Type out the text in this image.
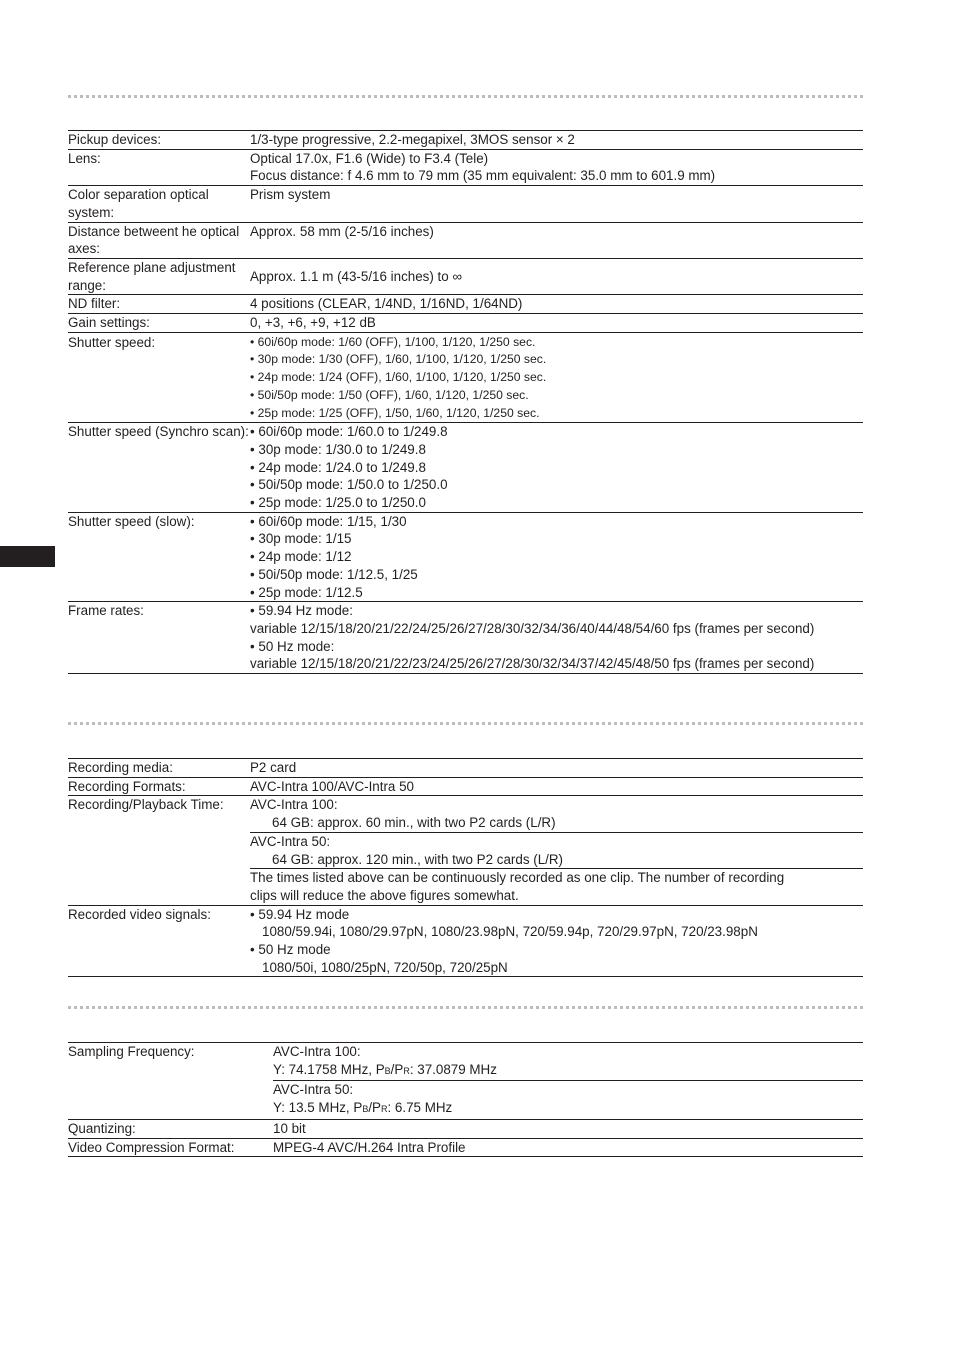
Pickup devices:	1/3-type progressive, 2.2-megapixel, 3MOS sensor × 2

Lens:	Optical 17.0x, F1.6 (Wide) to F3.4 (Tele)
Focus distance: f 4.6 mm to 79 mm (35 mm equivalent: 35.0 mm to 601.9 mm)

Color separation optical system:	Prism system

Distance betweent he optical axes:	Approx. 58 mm (2-5/16 inches)

Reference plane adjustment range:	Approx. 1.1 m (43-5/16 inches) to ∞

ND filter:	4 positions (CLEAR, 1/4ND, 1/16ND, 1/64ND)

Gain settings:	0, +3, +6, +9, +12 dB

Shutter speed:	• 60i/60p mode: 1/60 (OFF), 1/100, 1/120, 1/250 sec.
• 30p mode: 1/30 (OFF), 1/60, 1/100, 1/120, 1/250 sec.
• 24p mode: 1/24 (OFF), 1/60, 1/100, 1/120, 1/250 sec.
• 50i/50p mode: 1/50 (OFF), 1/60, 1/120, 1/250 sec.
• 25p mode: 1/25 (OFF), 1/50, 1/60, 1/120, 1/250 sec.

Shutter speed (Synchro scan):	• 60i/60p mode: 1/60.0 to 1/249.8
• 30p mode: 1/30.0 to 1/249.8
• 24p mode: 1/24.0 to 1/249.8
• 50i/50p mode: 1/50.0 to 1/250.0
• 25p mode: 1/25.0 to 1/250.0

Shutter speed (slow):	• 60i/60p mode: 1/15, 1/30
• 30p mode: 1/15
• 24p mode: 1/12
• 50i/50p mode: 1/12.5, 1/25
• 25p mode: 1/12.5

Frame rates:	• 59.94 Hz mode:
variable 12/15/18/20/21/22/24/25/26/27/28/30/32/34/36/40/44/48/54/60 fps (frames per second)
• 50 Hz mode:
variable 12/15/18/20/21/22/23/24/25/26/27/28/30/32/34/37/42/45/48/50 fps (frames per second)
Recording media:	P2 card

Recording Formats:	AVC-Intra 100/AVC-Intra 50

Recording/Playback Time:	AVC-Intra 100:
64 GB: approx. 60 min., with two P2 cards (L/R)

	AVC-Intra 50:
64 GB: approx. 120 min., with two P2 cards (L/R)

	The times listed above can be continuously recorded as one clip. The number of recording
clips will reduce the above figures somewhat.

Recorded video signals:	• 59.94 Hz mode
1080/59.94i, 1080/29.97pN, 1080/23.98pN, 720/59.94p, 720/29.97pN, 720/23.98pN
• 50 Hz mode
1080/50i, 1080/25pN, 720/50p, 720/25pN
Sampling Frequency:	AVC-Intra 100:
Y: 74.1758 MHz, PB/PR: 37.0879 MHz

	AVC-Intra 50:
Y: 13.5 MHz, PB/PR: 6.75 MHz

Quantizing:	10 bit

Video Compression Format:	MPEG-4 AVC/H.264 Intra Profile
